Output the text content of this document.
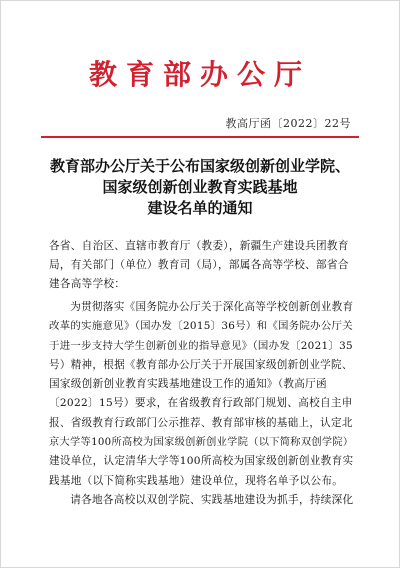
教育部办公厅
教高厅函〔2022〕22号
教育部办公厅关于公布国家级创新创业学院、
国家级创新创业教育实践基地
建设名单的通知
各省、自治区、直辖市教育厅（教委），新疆生产建设兵团教育
局，有关部门（单位）教育司（局），部属各高等学校、部省合
建各高等学校：
为贯彻落实《国务院办公厅关于深化高等学校创新创业教育
改革的实施意见》（国办发〔2015〕36号）和《国务院办公厅关
于进一步支持大学生创新创业的指导意见》（国办发〔2021〕35
号）精神，根据《教育部办公厅关于开展国家级创新创业学院、
国家级创新创业教育实践基地建设工作的通知》（教高厅函
〔2022〕15号）要求，在省级教育行政部门规划、高校自主申
报、省级教育行政部门公示推荐、教育部审核的基础上，认定北
京大学等100所高校为国家级创新创业学院（以下简称双创学院）
建设单位，认定清华大学等100所高校为国家级创新创业教育实
践基地（以下简称实践基地）建设单位，现将名单予以公布。
请各地各高校以双创学院、实践基地建设为抓手，持续深化
